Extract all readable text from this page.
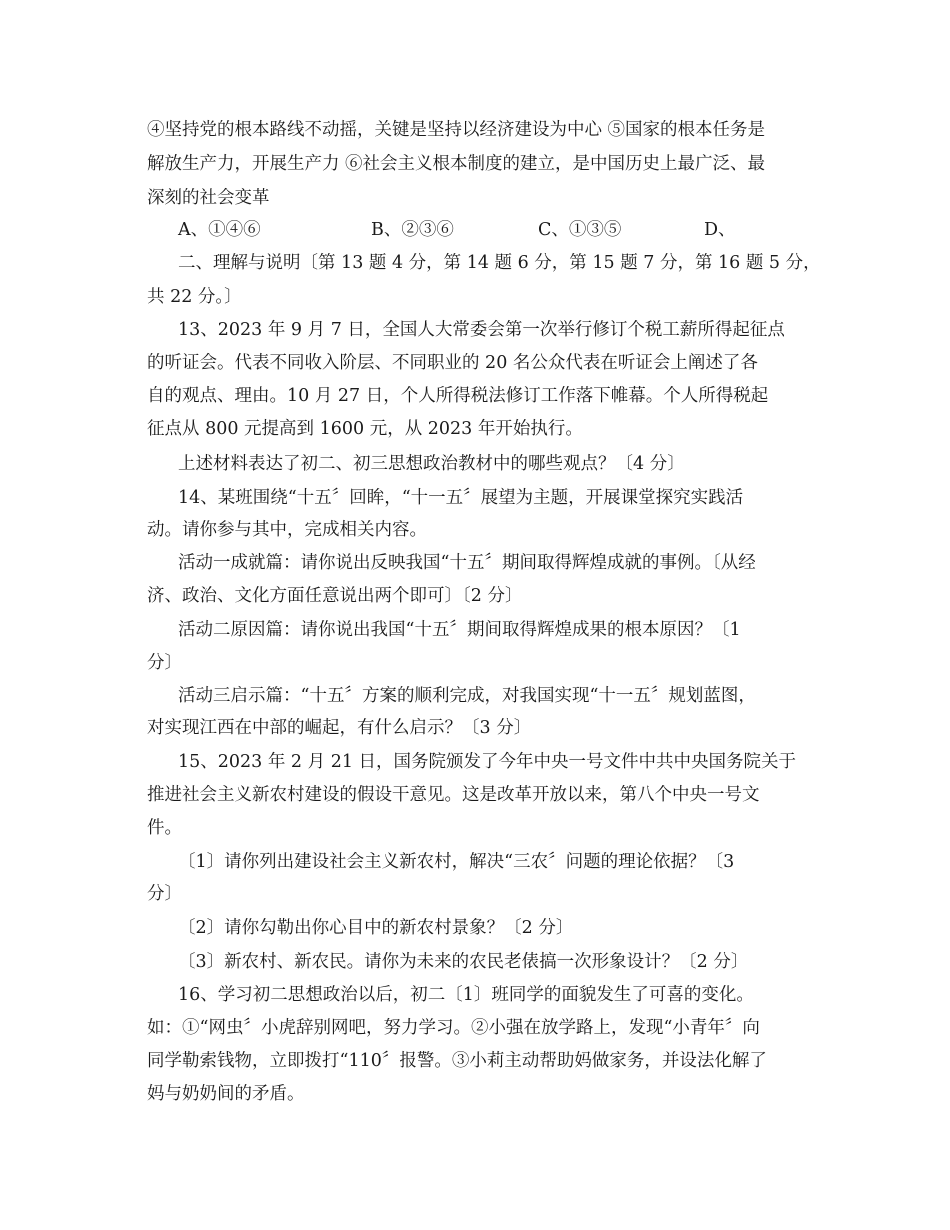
④坚持党的根本路线不动摇，关键是坚持以经济建设为中心 ⑤国家的根本任务是
解放生产力，开展生产力 ⑥社会主义根本制度的建立，是中国历史上最广泛、最
深刻的社会变革
A、①④⑥	B、②③⑥	C、①③⑤	D、
二、理解与说明〔第 13 题 4 分，第 14 题 6 分，第 15 题 7 分，第 16 题 5 分，
共 22 分。〕
13、2023 年 9 月 7 日，全国人大常委会第一次举行修订个税工薪所得起征点
的听证会。代表不同收入阶层、不同职业的 20 名公众代表在听证会上阐述了各
自的观点、理由。10 月 27 日，个人所得税法修订工作落下帷幕。个人所得税起
征点从 800 元提高到 1600 元，从 2023 年开始执行。
上述材料表达了初二、初三思想政治教材中的哪些观点？〔4 分〕
14、某班围绕“十五〞回眸，“十一五〞展望为主题，开展课堂探究实践活
动。请你参与其中，完成相关内容。
活动一成就篇：请你说出反映我国“十五〞期间取得辉煌成就的事例。〔从经
济、政治、文化方面任意说出两个即可〕〔2 分〕
活动二原因篇：请你说出我国“十五〞期间取得辉煌成果的根本原因？〔1
分〕
活动三启示篇：“十五〞方案的顺利完成，对我国实现“十一五〞规划蓝图，
对实现江西在中部的崛起，有什么启示？〔3 分〕
15、2023 年 2 月 21 日，国务院颁发了今年中央一号文件中共中央国务院关于
推进社会主义新农村建设的假设干意见。这是改革开放以来，第八个中央一号文
件。
〔1〕请你列出建设社会主义新农村，解决“三农〞问题的理论依据？〔3
分〕
〔2〕请你勾勒出你心目中的新农村景象？〔2 分〕
〔3〕新农村、新农民。请你为未来的农民老俵搞一次形象设计？〔2 分〕
16、学习初二思想政治以后，初二〔1〕班同学的面貌发生了可喜的变化。
如：①“网虫〞小虎辞别网吧，努力学习。②小强在放学路上，发现“小青年〞向
同学勒索钱物，立即拨打“110〞报警。③小莉主动帮助妈做家务，并设法化解了
妈与奶奶间的矛盾。
